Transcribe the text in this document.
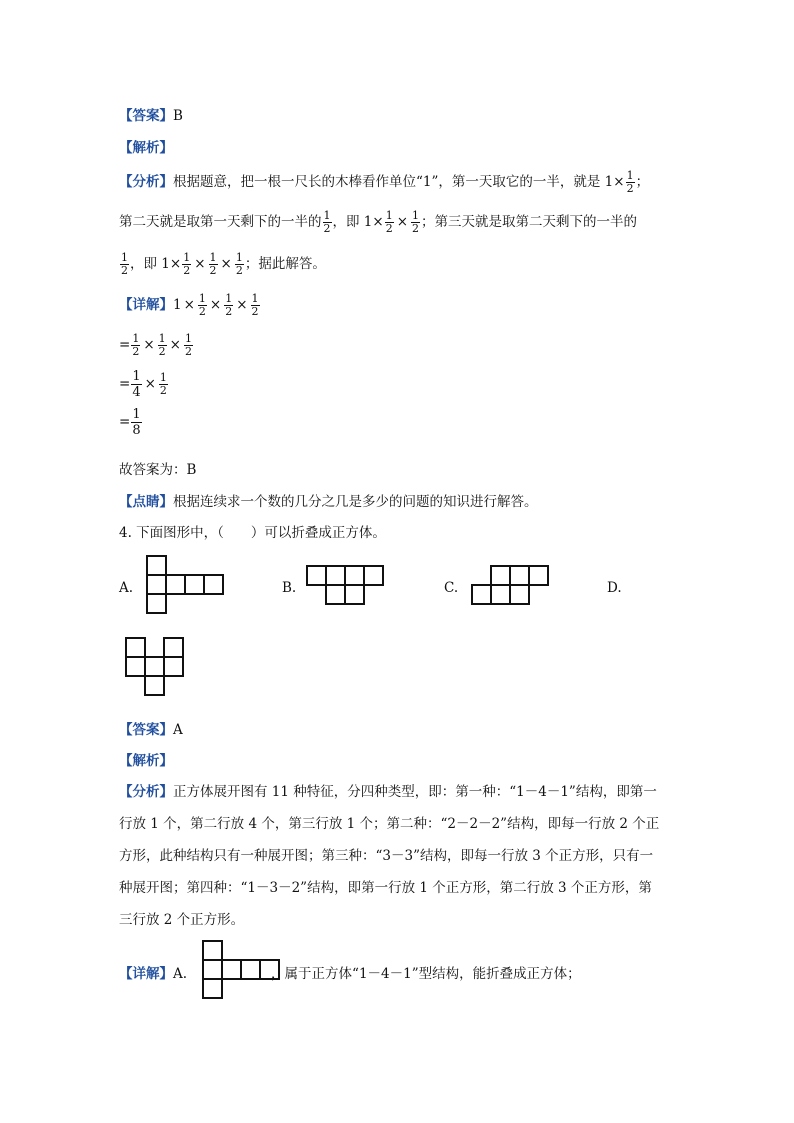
【答案】B
【解析】
【分析】根据题意，把一根一尺长的木棒看作单位“1”，第一天取它的一半，就是 $1\times \frac{1}{2}$ ；
第二天就是取第一天剩下的一半的 $\frac{1}{2}$ ，即 $1\times \frac{1}{2} \times \frac{1}{2}$ ；第三天就是取第二天剩下的一半的
$\frac{1}{2}$ ，即 $1\times \frac{1}{2} \times \frac{1}{2} \times \frac{1}{2}$ ；据此解答。
【详解】$1 \times \frac{1}{2} \times \frac{1}{2} \times \frac{1}{2}$
= $\frac{1}{2} \times \frac{1}{2} \times \frac{1}{2}$
= $\frac{1}{4} \times \frac{1}{2}$
= $\frac{1}{8}$
故答案为：B
【点睛】根据连续求一个数的几分之几是多少的问题的知识进行解答。
4. 下面图形中，（　　）可以折叠成正方体。
A.	B.	C.	D.
【答案】A
【解析】
【分析】正方体展开图有 11 种特征，分四种类型，即：第一种：“1－4－1”结构，即第一
行放 1 个，第二行放 4 个，第三行放 1 个；第二种：“2－2－2”结构，即每一行放 2 个正
方形，此种结构只有一种展开图；第三种：“3－3”结构，即每一行放 3 个正方形，只有一
种展开图；第四种：“1－3－2”结构，即第一行放 1 个正方形，第二行放 3 个正方形，第
三行放 2 个正方形。
【详解】A.	，属于正方体“1－4－1”型结构，能折叠成正方体；
